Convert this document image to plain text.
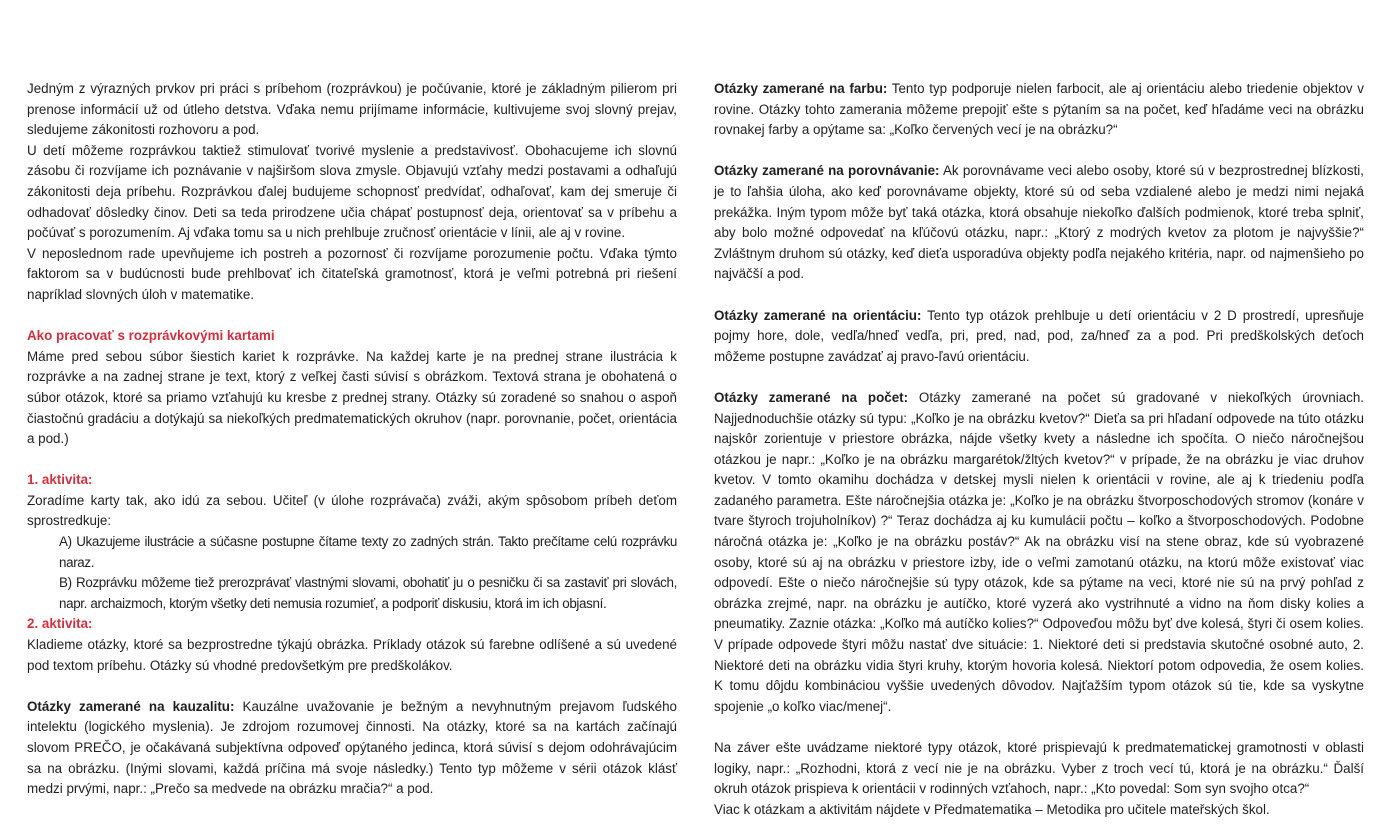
Jedným z výrazných prvkov pri práci s príbehom (rozprávkou) je počúvanie, ktoré je základným pilierom pri prenose informácií už od útleho detstva. Vďaka nemu prijímame informácie, kultivujeme svoj slovný prejav, sledujeme zákonitosti rozhovoru a pod.

U detí môžeme rozprávkou taktiež stimulovať tvorivé myslenie a predstavivosť. Obohacujeme ich slovnú zásobu či rozvíjame ich poznávanie v najširšom slova zmysle. Objavujú vzťahy medzi postavami a odhaľujú zákonitosti deja príbehu. Rozprávkou ďalej budujeme schopnosť predvídať, odhaľovať, kam dej smeruje či odhadovať dôsledky činov. Deti sa teda prirodzene učia chápať postupnosť deja, orientovať sa v príbehu a počúvať s porozumením. Aj vďaka tomu sa u nich prehlbuje zručnosť orientácie v línii, ale aj v rovine.

V neposlednom rade upevňujeme ich postreh a pozornosť či rozvíjame porozumenie počtu. Vďaka týmto faktorom sa v budúcnosti bude prehlbovať ich čitateľská gramotnosť, ktorá je veľmi potrebná pri riešení napríklad slovných úloh v matematike.

Ako pracovať s rozprávkovými kartami

Máme pred sebou súbor šiestich kariet k rozprávke. Na každej karte je na prednej strane ilustrácia k rozprávke a na zadnej strane je text, ktorý z veľkej časti súvisí s obrázkom. Textová strana je obohatená o súbor otázok, ktoré sa priamo vzťahujú ku kresbe z prednej strany. Otázky sú zoradené so snahou o aspoň čiastočnú gradáciu a dotýkajú sa niekoľkých predmatematických okruhov (napr. porovnanie, počet, orientácia a pod.)

1. aktivita:

Zoradíme karty tak, ako idú za sebou. Učiteľ (v úlohe rozprávača) zváži, akým spôsobom príbeh deťom sprostredkuje:

A) Ukazujeme ilustrácie a súčasne postupne čítame texty zo zadných strán. Takto prečítame celú rozprávku naraz.

B) Rozprávku môžeme tiež prerozprávať vlastnými slovami, obohatiť ju o pesničku či sa zastaviť pri slovách, napr. archaizmoch, ktorým všetky deti nemusia rozumieť, a podporiť diskusiu, ktorá im ich objasní.

2. aktivita:

Kladieme otázky, ktoré sa bezprostredne týkajú obrázka. Príklady otázok sú farebne odlíšené a sú uvedené pod textom príbehu. Otázky sú vhodné predovšetkým pre predškolákov.

Otázky zamerané na kauzalitu: Kauzálne uvažovanie je bežným a nevyhnutným prejavom ľudského intelektu (logického myslenia). Je zdrojom rozumovej činnosti. Na otázky, ktoré sa na kartách začínajú slovom PREČO, je očakávaná subjektívna odpoveď opýtaného jedinca, ktorá súvisí s dejom odohrávajúcim sa na obrázku. (Inými slovami, každá príčina má svoje následky.) Tento typ môžeme v sérii otázok klásť medzi prvými, napr.: „Prečo sa medvede na obrázku mračia?“ a pod.

Otázky zamerané na farbu: Tento typ podporuje nielen farbocit, ale aj orientáciu alebo triedenie objektov v rovine. Otázky tohto zamerania môžeme prepojiť ešte s pýtaním sa na počet, keď hľadáme veci na obrázku rovnakej farby a opýtame sa: „Koľko červených vecí je na obrázku?“

Otázky zamerané na porovnávanie: Ak porovnávame veci alebo osoby, ktoré sú v bezprostrednej blízkosti, je to ľahšia úloha, ako keď porovnávame objekty, ktoré sú od seba vzdialené alebo je medzi nimi nejaká prekážka. Iným typom môže byť taká otázka, ktorá obsahuje niekoľko ďalších podmienok, ktoré treba splniť, aby bolo možné odpovedať na kľúčovú otázku, napr.: „Ktorý z modrých kvetov za plotom je najvyššie?“ Zvláštnym druhom sú otázky, keď dieťa usporadúva objekty podľa nejakého kritéria, napr. od najmenšieho po najväčší a pod.

Otázky zamerané na orientáciu: Tento typ otázok prehlbuje u detí orientáciu v 2 D prostredí, upresňuje pojmy hore, dole, vedľa/hneď vedľa, pri, pred, nad, pod, za/hneď za a pod. Pri predškolských deťoch môžeme postupne zavádzať aj pravo-ľavú orientáciu.

Otázky zamerané na počet: Otázky zamerané na počet sú gradované v niekoľkých úrovniach. Najjednoduchšie otázky sú typu: „Koľko je na obrázku kvetov?“ Dieťa sa pri hľadaní odpovede na túto otázku najskôr zorientuje v priestore obrázka, nájde všetky kvety a následne ich spočíta. O niečo náročnejšou otázkou je napr.: „Koľko je na obrázku margarétok/žltých kvetov?“ v prípade, že na obrázku je viac druhov kvetov. V tomto okamihu dochádza v detskej mysli nielen k orientácii v rovine, ale aj k triedeniu podľa zadaného parametra. Ešte náročnejšia otázka je: „Koľko je na obrázku štvorposchodových stromov (konáre v tvare štyroch trojuholníkov) ?“ Teraz dochádza aj ku kumulácii počtu – koľko a štvorposchodových. Podobne náročná otázka je: „Koľko je na obrázku postáv?“ Ak na obrázku visí na stene obraz, kde sú vyobrazené osoby, ktoré sú aj na obrázku v priestore izby, ide o veľmi zamotanú otázku, na ktorú môže existovať viac odpovedí. Ešte o niečo náročnejšie sú typy otázok, kde sa pýtame na veci, ktoré nie sú na prvý pohľad z obrázka zrejmé, napr. na obrázku je autíčko, ktoré vyzerá ako vystrihnuté a vidno na ňom disky kolies a pneumatiky. Zaznie otázka: „Koľko má autíčko kolies?“ Odpoveďou môžu byť dve kolesá, štyri či osem kolies. V prípade odpovede štyri môžu nastať dve situácie: 1. Niektoré deti si predstavia skutočné osobné auto, 2. Niektoré deti na obrázku vidia štyri kruhy, ktorým hovoria kolesá. Niektorí potom odpovedia, že osem kolies. K tomu dôjdu kombináciou vyššie uvedených dôvodov. Najťažším typom otázok sú tie, kde sa vyskytne spojenie „o koľko viac/menej“.

Na záver ešte uvádzame niektoré typy otázok, ktoré prispievajú k predmatematickej gramotnosti v oblasti logiky, napr.: „Rozhodni, ktorá z vecí nie je na obrázku. Vyber z troch vecí tú, ktorá je na obrázku.“ Ďalší okruh otázok prispieva k orientácii v rodinných vzťahoch, napr.: „Kto povedal: Som syn svojho otca?“

Viac k otázkam a aktivitám nájdete v Předmatematika – Metodika pro učitele mateřských škol.
